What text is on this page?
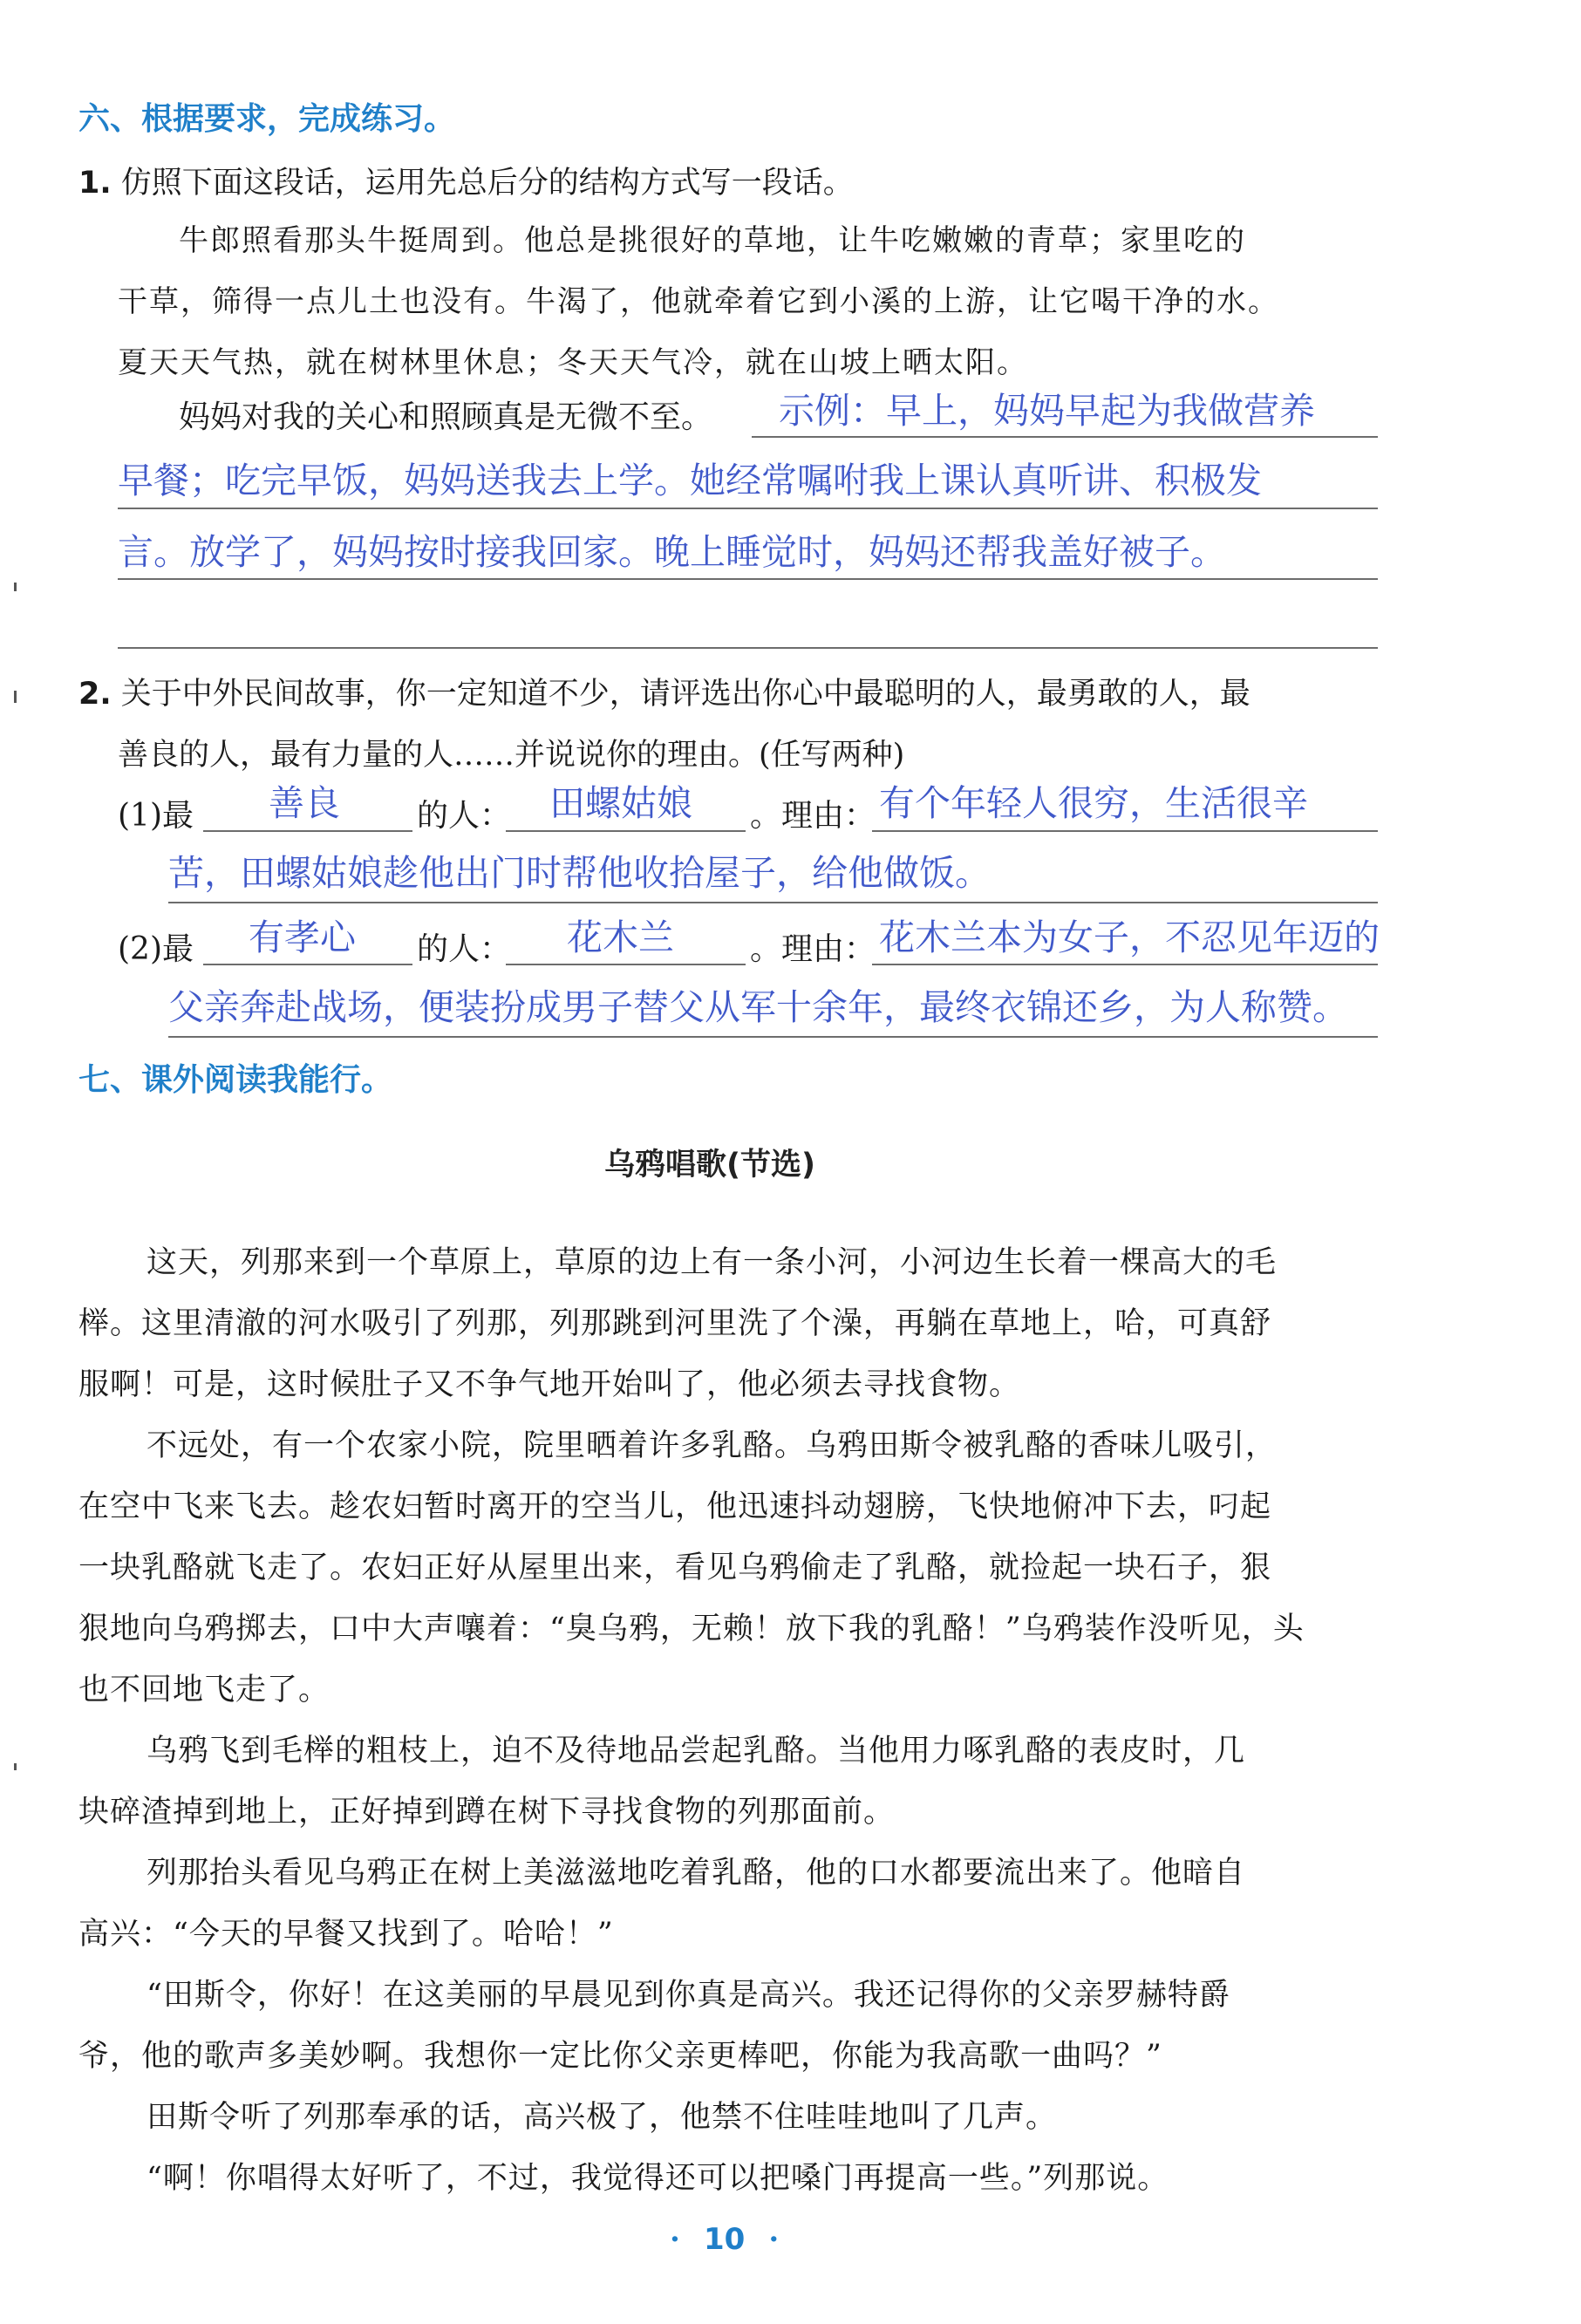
六、根据要求，完成练习。
1. 仿照下面这段话，运用先总后分的结构方式写一段话。
牛郎照看那头牛挺周到。他总是挑很好的草地，让牛吃嫩嫩的青草；家里吃的
干草，筛得一点儿土也没有。牛渴了，他就牵着它到小溪的上游，让它喝干净的水。
夏天天气热，就在树林里休息；冬天天气冷，就在山坡上晒太阳。
妈妈对我的关心和照顾真是无微不至。 示例：早上，妈妈早起为我做营养
早餐；吃完早饭，妈妈送我去上学。她经常嘱咐我上课认真听讲、积极发
言。放学了，妈妈按时接我回家。晚上睡觉时，妈妈还帮我盖好被子。
2. 关于中外民间故事，你一定知道不少，请评选出你心中最聪明的人，最勇敢的人，最
善良的人，最有力量的人……并说说你的理由。(任写两种)
(1)最 善良 的人： 田螺姑娘 。理由： 有个年轻人很穷，生活很辛
苦，田螺姑娘趁他出门时帮他收拾屋子，给他做饭。
(2)最 有孝心 的人： 花木兰 。理由： 花木兰本为女子，不忍见年迈的
父亲奔赴战场，便装扮成男子替父从军十余年，最终衣锦还乡，为人称赞。
七、课外阅读我能行。
乌鸦唱歌(节选)
这天，列那来到一个草原上，草原的边上有一条小河，小河边生长着一棵高大的毛
榉。这里清澈的河水吸引了列那，列那跳到河里洗了个澡，再躺在草地上，哈，可真舒
服啊！可是，这时候肚子又不争气地开始叫了，他必须去寻找食物。
不远处，有一个农家小院，院里晒着许多乳酪。乌鸦田斯令被乳酪的香味儿吸引，
在空中飞来飞去。趁农妇暂时离开的空当儿，他迅速抖动翅膀，飞快地俯冲下去，叼起
一块乳酪就飞走了。农妇正好从屋里出来，看见乌鸦偷走了乳酪，就捡起一块石子，狠
狠地向乌鸦掷去，口中大声嚷着：“臭乌鸦，无赖！放下我的乳酪！”乌鸦装作没听见，头
也不回地飞走了。
乌鸦飞到毛榉的粗枝上，迫不及待地品尝起乳酪。当他用力啄乳酪的表皮时，几
块碎渣掉到地上，正好掉到蹲在树下寻找食物的列那面前。
列那抬头看见乌鸦正在树上美滋滋地吃着乳酪，他的口水都要流出来了。他暗自
高兴：“今天的早餐又找到了。哈哈！”
“田斯令，你好！在这美丽的早晨见到你真是高兴。我还记得你的父亲罗赫特爵
爷，他的歌声多美妙啊。我想你一定比你父亲更棒吧，你能为我高歌一曲吗？”
田斯令听了列那奉承的话，高兴极了，他禁不住哇哇地叫了几声。
“啊！你唱得太好听了，不过，我觉得还可以把嗓门再提高一些。”列那说。
· 10 ·
